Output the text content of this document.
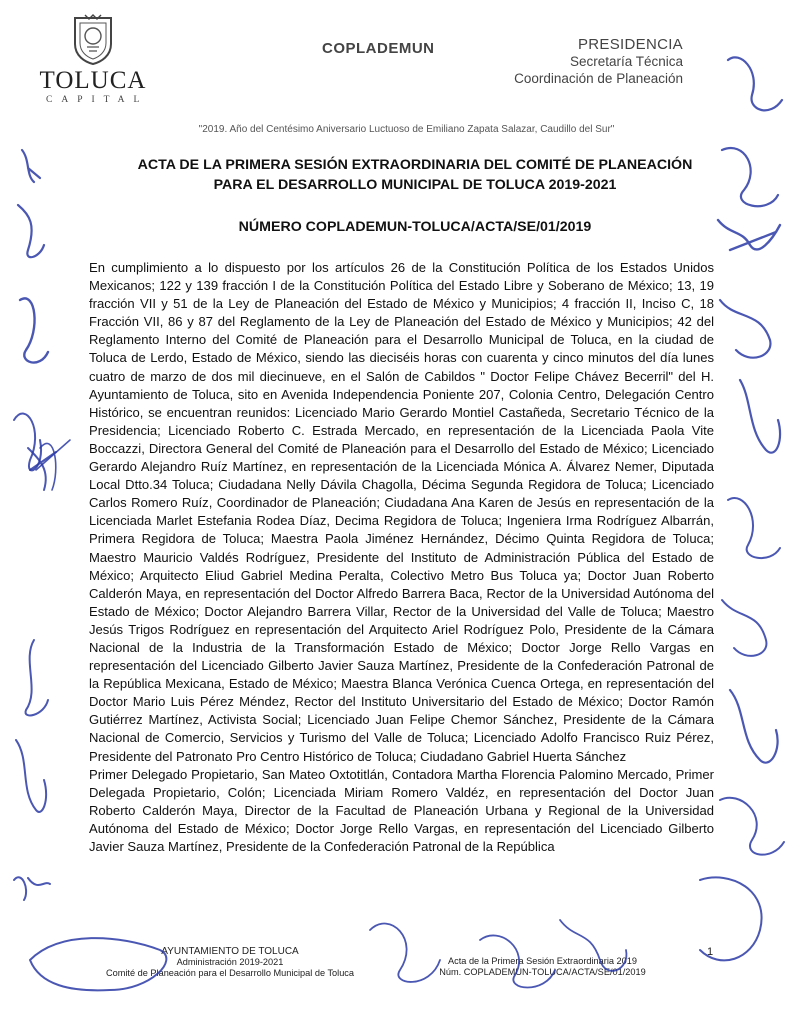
TOLUCA
CAPITAL
COPLADEMUN	PRESIDENCIA
Secretaría Técnica
Coordinación de Planeación
"2019. Año del Centésimo Aniversario Luctuoso de Emiliano Zapata Salazar, Caudillo del Sur"
ACTA DE LA PRIMERA SESIÓN EXTRAORDINARIA DEL COMITÉ DE PLANEACIÓN
PARA EL DESARROLLO MUNICIPAL DE TOLUCA 2019-2021
NÚMERO COPLADEMUN-TOLUCA/ACTA/SE/01/2019

En cumplimiento a lo dispuesto por los artículos 26 de la Constitución Política de los Estados Unidos Mexicanos; 122 y 139 fracción I de la Constitución Política del Estado Libre y Soberano de México; 13, 19 fracción VII y 51 de la Ley de Planeación del Estado de México y Municipios; 4 fracción II, Inciso C, 18 Fracción VII, 86 y 87 del Reglamento de la Ley de Planeación del Estado de México y Municipios; 42 del Reglamento Interno del Comité de Planeación para el Desarrollo Municipal de Toluca, en la ciudad de Toluca de Lerdo, Estado de México, siendo las dieciséis horas con cuarenta y cinco minutos del día lunes cuatro de marzo de dos mil diecinueve, en el Salón de Cabildos " Doctor Felipe Chávez Becerril" del H. Ayuntamiento de Toluca, sito en Avenida Independencia Poniente 207, Colonia Centro, Delegación Centro Histórico, se encuentran reunidos: Licenciado Mario Gerardo Montiel Castañeda, Secretario Técnico de la Presidencia; Licenciado Roberto C. Estrada Mercado, en representación de la Licenciada Paola Vite Boccazzi, Directora General del Comité de Planeación para el Desarrollo del Estado de México; Licenciado Gerardo Alejandro Ruíz Martínez, en representación de la Licenciada Mónica A. Álvarez Nemer, Diputada Local Dtto.34 Toluca; Ciudadana Nelly Dávila Chagolla, Décima Segunda Regidora de Toluca; Licenciado Carlos Romero Ruíz, Coordinador de Planeación; Ciudadana Ana Karen de Jesús en representación de la Licenciada Marlet Estefania Rodea Díaz, Decima Regidora de Toluca; Ingeniera Irma Rodríguez Albarrán, Primera Regidora de Toluca; Maestra Paola Jiménez Hernández, Décimo Quinta Regidora de Toluca; Maestro Mauricio Valdés Rodríguez, Presidente del Instituto de Administración Pública del Estado de México; Arquitecto Eliud Gabriel Medina Peralta, Colectivo Metro Bus Toluca ya; Doctor Juan Roberto Calderón Maya, en representación del Doctor Alfredo Barrera Baca, Rector de la Universidad Autónoma del Estado de México; Doctor Alejandro Barrera Villar, Rector de la Universidad del Valle de Toluca; Maestro Jesús Trigos Rodríguez en representación del Arquitecto Ariel Rodríguez Polo, Presidente de la Cámara Nacional de la Industria de la Transformación Estado de México; Doctor Jorge Rello Vargas en representación del Licenciado Gilberto Javier Sauza Martínez, Presidente de la Confederación Patronal de la República Mexicana, Estado de México; Maestra Blanca Verónica Cuenca Ortega, en representación del Doctor Mario Luis Pérez Méndez, Rector del Instituto Universitario del Estado de México; Doctor Ramón Gutiérrez Martínez, Activista Social; Licenciado Juan Felipe Chemor Sánchez, Presidente de la Cámara Nacional de Comercio, Servicios y Turismo del Valle de Toluca; Licenciado Adolfo Francisco Ruiz Pérez, Presidente del Patronato Pro Centro Histórico de Toluca; Ciudadano Gabriel Huerta Sánchez

Primer Delegado Propietario, San Mateo Oxtotitlán, Contadora Martha Florencia Palomino Mercado, Primer Delegada Propietario, Colón; Licenciada Miriam Romero Valdéz, en representación del Doctor Juan Roberto Calderón Maya, Director de la Facultad de Planeación Urbana y Regional de la Universidad Autónoma del Estado de México; Doctor Jorge Rello Vargas, en representación del Licenciado Gilberto Javier Sauza Martínez, Presidente de la Confederación Patronal de la República

AYUNTAMIENTO DE TOLUCA
Administración 2019-2021
Comité de Planeación para el Desarrollo Municipal de Toluca
Acta de la Primera Sesión Extraordinaria 2019
Núm. COPLADEMUN-TOLUCA/ACTA/SE/01/2019
1
